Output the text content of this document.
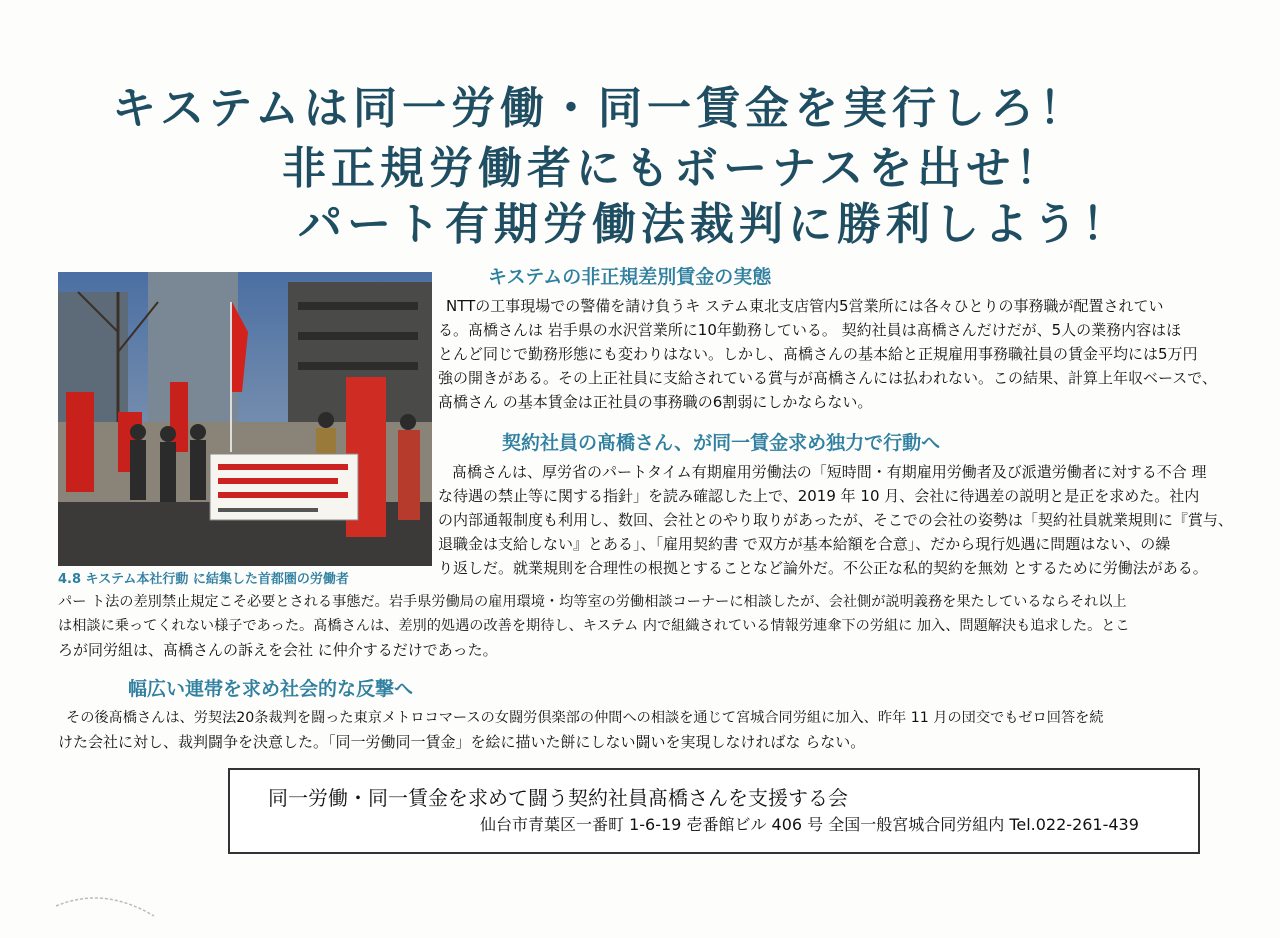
キステムは同一労働・同一賃金を実行しろ！
非正規労働者にもボーナスを出せ！
パート有期労働法裁判に勝利しよう！
4.8 キステム本社行動 に結集した首都圏の労働者
キステムの非正規差別賃金の実態
NTTの工事現場での警備を請け負うキ ステム東北支店管内5営業所には各々ひとりの事務職が配置されてい
る。髙橋さんは 岩手県の水沢営業所に10年勤務している。 契約社員は髙橋さんだけだが、5人の業務内容はほ
とんど同じで勤務形態にも変わりはない。しかし、髙橋さんの基本給と正規雇用事務職社員の賃金平均には5万円
強の開きがある。その上正社員に支給されている賞与が髙橋さんには払われない。この結果、計算上年収ベースで、
髙橋さん の基本賃金は正社員の事務職の6割弱にしかならない。
契約社員の髙橋さん、が同一賃金求め独力で行動へ
髙橋さんは、厚労省のパートタイム有期雇用労働法の「短時間・有期雇用労働者及び派遣労働者に対する不合 理
な待遇の禁止等に関する指針」を読み確認した上で、2019 年 10 月、会社に待遇差の説明と是正を求めた。社内
の内部通報制度も利用し、数回、会社とのやり取りがあったが、そこでの会社の姿勢は「契約社員就業規則に『賞与、
退職金は支給しない』とある」、「雇用契約書 で双方が基本給額を合意」、だから現行処遇に問題はない、の繰
り返しだ。就業規則を合理性の根拠とすることなど論外だ。不公正な私的契約を無効 とするために労働法がある。
パー ト法の差別禁止規定こそ必要とされる事態だ。岩手県労働局の雇用環境・均等室の労働相談コーナーに相談したが、会社側が説明義務を果たしているならそれ以上
は相談に乗ってくれない様子であった。髙橋さんは、差別的処遇の改善を期待し、キステム 内で組織されている情報労連傘下の労組に 加入、問題解決も追求した。とこ
ろが同労組は、髙橋さんの訴えを会社 に仲介するだけであった。
幅広い連帯を求め社会的な反撃へ
その後髙橋さんは、労契法20条裁判を闘った東京メトロコマースの女闘労倶楽部の仲間への相談を通じて宮城合同労組に加入、昨年 11 月の団交でもゼロ回答を続
けた会社に対し、裁判闘争を決意した。「同一労働同一賃金」を絵に描いた餅にしない闘いを実現しなければな らない。
同一労働・同一賃金を求めて闘う契約社員髙橋さんを支援する会
仙台市青葉区一番町 1-6-19 壱番館ビル 406 号 全国一般宮城合同労組内 Tel.022-261-439
